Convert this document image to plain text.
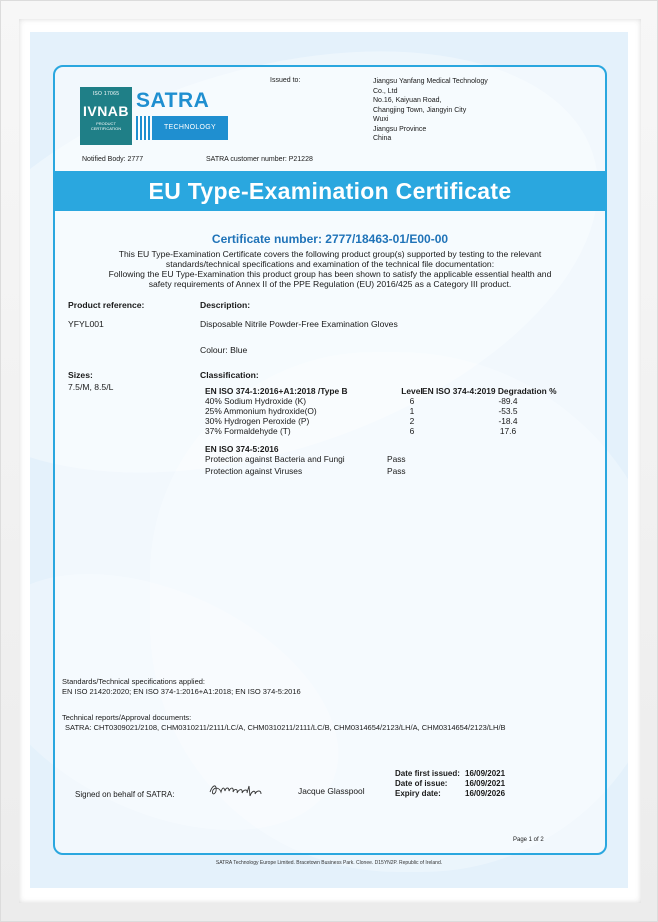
ISO 17065
IVNAB
PRODUCT
CERTIFICATION
SATRA
TECHNOLOGY
Issued to:	Jiangsu Yanfang Medical Technology
Co., Ltd
No.16, Kaiyuan Road,
Changjing Town, Jiangyin City
Wuxi
Jiangsu Province
China
Notified Body: 2777	SATRA customer number: P21228
EU Type-Examination Certificate
Certificate number: 2777/18463-01/E00-00
This EU Type-Examination Certificate covers the following product group(s) supported by testing to the relevant
standards/technical specifications and examination of the technical file documentation:
Following the EU Type-Examination this product group has been shown to satisfy the applicable essential health and
safety requirements of Annex II of the PPE Regulation (EU) 2016/425 as a Category III product.
Product reference:
YFYL001
Description:
Disposable Nitrile Powder-Free Examination Gloves
Colour: Blue
Sizes:
7.5/M, 8.5/L
Classification:
EN ISO 374-1:2016+A1:2018 /Type B	Level EN ISO 374-4:2019 Degradation %
40% Sodium Hydroxide (K)	6	-89.4
25% Ammonium hydroxide(O)	1	-53.5
30% Hydrogen Peroxide (P)	2	-18.4
37% Formaldehyde (T)	6	17.6
EN ISO 374-5:2016
Protection against Bacteria and Fungi	Pass
Protection against Viruses	Pass
Standards/Technical specifications applied:
EN ISO 21420:2020; EN ISO 374-1:2016+A1:2018; EN ISO 374-5:2016
Technical reports/Approval documents:
SATRA: CHT0309021/2108, CHM0310211/2111/LC/A, CHM0310211/2111/LC/B, CHM0314654/2123/LH/A, CHM0314654/2123/LH/B
Signed on behalf of SATRA:	Jacque Glasspool
Date first issued: 16/09/2021
Date of issue: 16/09/2021
Expiry date:	16/09/2026
Page 1 of 2
SATRA Technology Europe Limited. Bracetown Business Park. Clonee. D15YN2P. Republic of Ireland.
